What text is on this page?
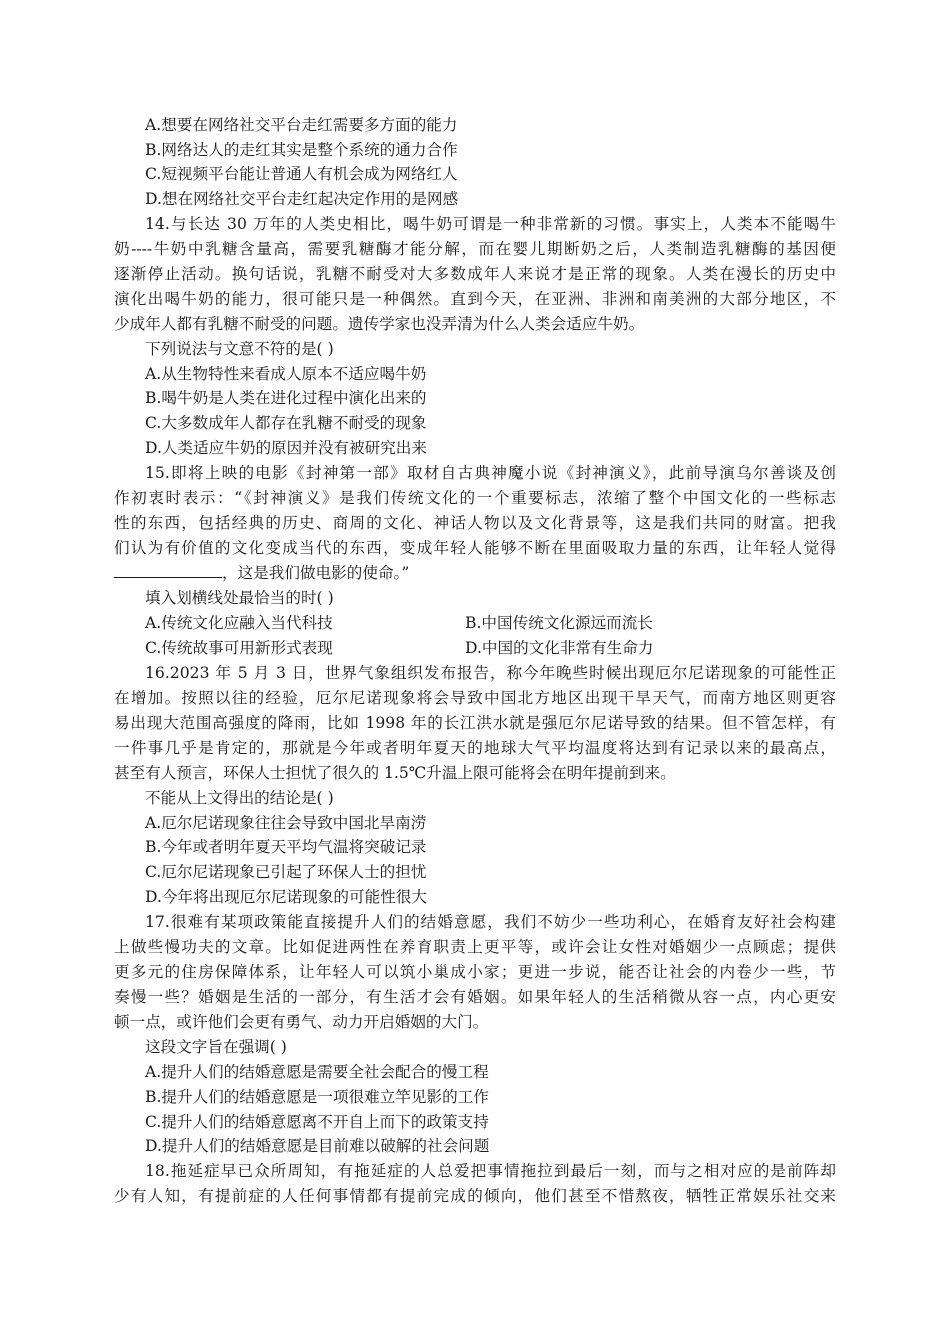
A.想要在网络社交平台走红需要多方面的能力
B.网络达人的走红其实是整个系统的通力合作
C.短视频平台能让普通人有机会成为网络红人
D.想在网络社交平台走红起决定作用的是网感
14.与长达 30 万年的人类史相比，喝牛奶可谓是一种非常新的习惯。事实上，人类本不能喝牛
奶----牛奶中乳糖含量高，需要乳糖酶才能分解，而在婴儿期断奶之后，人类制造乳糖酶的基因便
逐渐停止活动。换句话说，乳糖不耐受对大多数成年人来说才是正常的现象。人类在漫长的历史中
演化出喝牛奶的能力，很可能只是一种偶然。直到今天，在亚洲、非洲和南美洲的大部分地区，不
少成年人都有乳糖不耐受的问题。遗传学家也没弄清为什么人类会适应牛奶。
下列说法与文意不符的是( )
A.从生物特性来看成人原本不适应喝牛奶
B.喝牛奶是人类在进化过程中演化出来的
C.大多数成年人都存在乳糖不耐受的现象
D.人类适应牛奶的原因并没有被研究出来
15.即将上映的电影《封神第一部》取材自古典神魔小说《封神演义》，此前导演乌尔善谈及创
作初衷时表示：“《封神演义》是我们传统文化的一个重要标志，浓缩了整个中国文化的一些标志
性的东西，包括经典的历史、商周的文化、神话人物以及文化背景等，这是我们共同的财富。把我
们认为有价值的文化变成当代的东西，变成年轻人能够不断在里面吸取力量的东西，让年轻人觉得
，这是我们做电影的使命。”
填入划横线处最恰当的时( )
A.传统文化应融入当代科技	B.中国传统文化源远而流长
C.传统故事可用新形式表现	D.中国的文化非常有生命力
16.2023 年 5 月 3 日，世界气象组织发布报告，称今年晚些时候出现厄尔尼诺现象的可能性正
在增加。按照以往的经验，厄尔尼诺现象将会导致中国北方地区出现干旱天气，而南方地区则更容
易出现大范围高强度的降雨，比如 1998 年的长江洪水就是强厄尔尼诺导致的结果。但不管怎样，有
一件事几乎是肯定的，那就是今年或者明年夏天的地球大气平均温度将达到有记录以来的最高点，
甚至有人预言，环保人士担忧了很久的 1.5℃升温上限可能将会在明年提前到来。
不能从上文得出的结论是( )
A.厄尔尼诺现象往往会导致中国北旱南涝
B.今年或者明年夏天平均气温将突破记录
C.厄尔尼诺现象已引起了环保人士的担忧
D.今年将出现厄尔尼诺现象的可能性很大
17.很难有某项政策能直接提升人们的结婚意愿，我们不妨少一些功利心，在婚育友好社会构建
上做些慢功夫的文章。比如促进两性在养育职责上更平等，或许会让女性对婚姻少一点顾虑；提供
更多元的住房保障体系，让年轻人可以筑小巢成小家；更进一步说，能否让社会的内卷少一些，节
奏慢一些？婚姻是生活的一部分，有生活才会有婚姻。如果年轻人的生活稍微从容一点，内心更安
顿一点，或许他们会更有勇气、动力开启婚姻的大门。
这段文字旨在强调( )
A.提升人们的结婚意愿是需要全社会配合的慢工程
B.提升人们的结婚意愿是一项很难立竿见影的工作
C.提升人们的结婚意愿离不开自上而下的政策支持
D.提升人们的结婚意愿是目前难以破解的社会问题
18.拖延症早已众所周知，有拖延症的人总爱把事情拖拉到最后一刻，而与之相对应的是前阵却
少有人知，有提前症的人任何事情都有提前完成的倾向，他们甚至不惜熬夜，牺牲正常娱乐社交来
